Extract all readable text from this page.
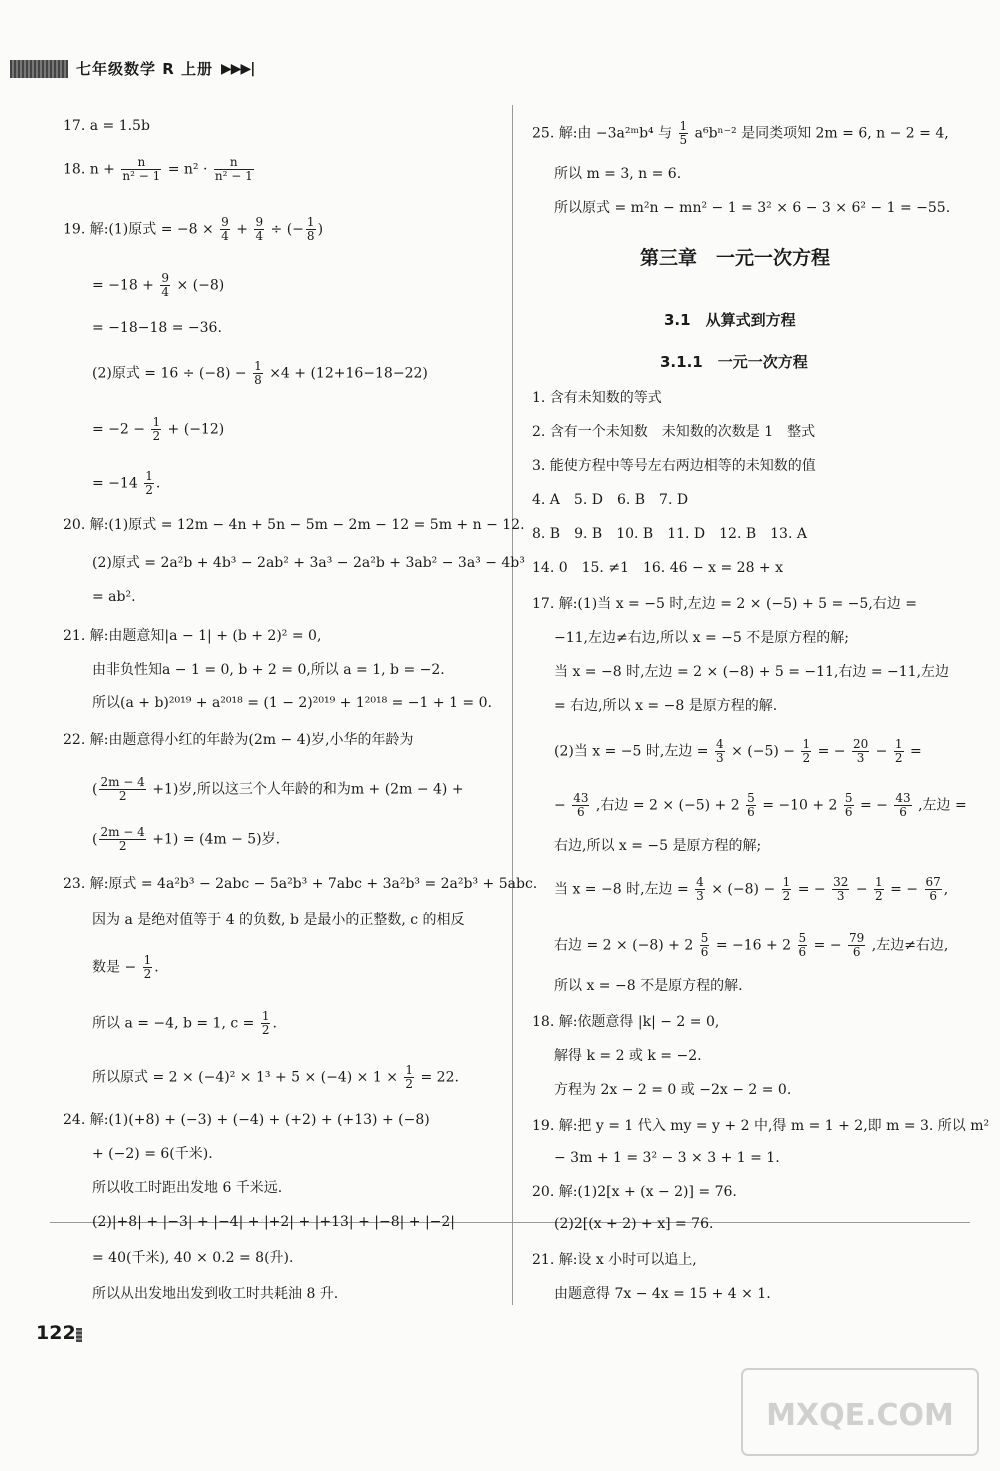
七年级数学 R 上册 ▶▶▶|
17. a = 1.5b
18. $n + \frac{n}{\text{n² − 1}} = n^2 \cdot \frac{n}{\text{n² − 1}}$
19. 解:(1)原式 = $-8 \times \frac{9}{4} + \frac{9}{4}$ ÷ (− $\frac{1}{8}$ )
= $-18 + \frac{9}{4} \times (-8)$
= −18−18 = −36.
(2)原式 = $16 \div (-8) - \frac{1}{8} \times 4 + (12+16-18-22)$
= $-2 - \frac{1}{2} + (-12)$
= $-14 \frac{1}{2}$ .
20. 解:(1)原式 = 12m − 4n + 5n − 5m − 2m − 12 = 5m + n − 12.
(2)原式 = 2a²b + 4b³ − 2ab² + 3a³ − 2a²b + 3ab² − 3a³ − 4b³
= ab².
21. 解:由题意知|a − 1| + (b + 2)² = 0,
由非负性知a − 1 = 0, b + 2 = 0,所以 a = 1, b = −2.
所以(a + b)²⁰¹⁹ + a²⁰¹⁸ = (1 − 2)²⁰¹⁹ + 1²⁰¹⁸ = −1 + 1 = 0.
22. 解:由题意得小红的年龄为(2m − 4)岁,小华的年龄为
( $\frac{2m - 4}{2} +1$)岁,所以这三个人年龄的和为m + (2m − 4) +
( $\frac{2m - 4}{2} +1) = (4m - 5)$岁.
23. 解:原式 = 4a²b³ − 2abc − 5a²b³ + 7abc + 3a²b³ = 2a²b³ + 5abc.
因为 a 是绝对值等于 4 的负数, b 是最小的正整数, c 的相反
数是 − $\frac{1}{2}$ .
所以 a = −4, b = 1, $c = \frac{1}{2}$ .
所以原式 = $2 \times (-4)^2 \times 1^3 + 5 \times (-4) \times 1 \times \frac{1}{2} = 22$.
24. 解:(1)(+8) + (−3) + (−4) + (+2) + (+13) + (−8)
+ (−2) = 6(千米).
所以收工时距出发地 6 千米远.
(2)|+8| + |−3| + |−4| + |+2| + |+13| + |−8| + |−2|
= 40(千米), 40 × 0.2 = 8(升).
所以从出发地出发到收工时共耗油 8 升.
25. 解:由 −3a²ᵐb⁴ 与 $\frac{1}{5} a^6b^{n-2}$ 是同类项知 2m = 6, n − 2 = 4,
所以 m = 3, n = 6.
所以原式 = m²n − mn² − 1 = 3² × 6 − 3 × 6² − 1 = −55.
第三章　一元一次方程
3.1　从算式到方程
3.1.1　一元一次方程
1. 含有未知数的等式
2. 含有一个未知数　未知数的次数是 1　整式
3. 能使方程中等号左右两边相等的未知数的值
4. A　5. D　6. B　7. D
8. B　9. B　10. B　11. D　12. B　13. A
14. 0　15. ≠1　16. 46 − x = 28 + x
17. 解:(1)当 x = −5 时,左边 = 2 × (−5) + 5 = −5,右边 =
−11,左边≠右边,所以 x = −5 不是原方程的解;
当 x = −8 时,左边 = 2 × (−8) + 5 = −11,右边 = −11,左边
= 右边,所以 x = −8 是原方程的解.
(2)当 x = −5 时,左边 = $\frac{4}{3} \times (-5) - \frac{1}{2}$ = − $\frac{20}{3} - \frac{1}{2}$ =
− $\frac{43}{6}$ ,右边 = $2 \times (-5) + 2 \frac{5}{6} = -10 + 2 \frac{5}{6}$ = − $\frac{43}{6}$ ,左边 =
右边,所以 x = −5 是原方程的解;
当 x = −8 时,左边 = $\frac{4}{3} \times (-8) - \frac{1}{2}$ = − $\frac{32}{3} - \frac{1}{2}$ = − $\frac{67}{6}$ ,
右边 = $2 \times (-8) + 2 \frac{5}{6} = -16 + 2 \frac{5}{6}$ = − $\frac{79}{6}$ ,左边≠右边,
所以 x = −8 不是原方程的解.
18. 解:依题意得 |k| − 2 = 0,
解得 k = 2 或 k = −2.
方程为 2x − 2 = 0 或 −2x − 2 = 0.
19. 解:把 y = 1 代入 my = y + 2 中,得 m = 1 + 2,即 m = 3. 所以 m²
− 3m + 1 = 3² − 3 × 3 + 1 = 1.
20. 解:(1)2[x + (x − 2)] = 76.
(2)2[(x + 2) + x] = 76.
21. 解:设 x 小时可以追上,
由题意得 7x − 4x = 15 + 4 × 1.
122
MXQE.COM
